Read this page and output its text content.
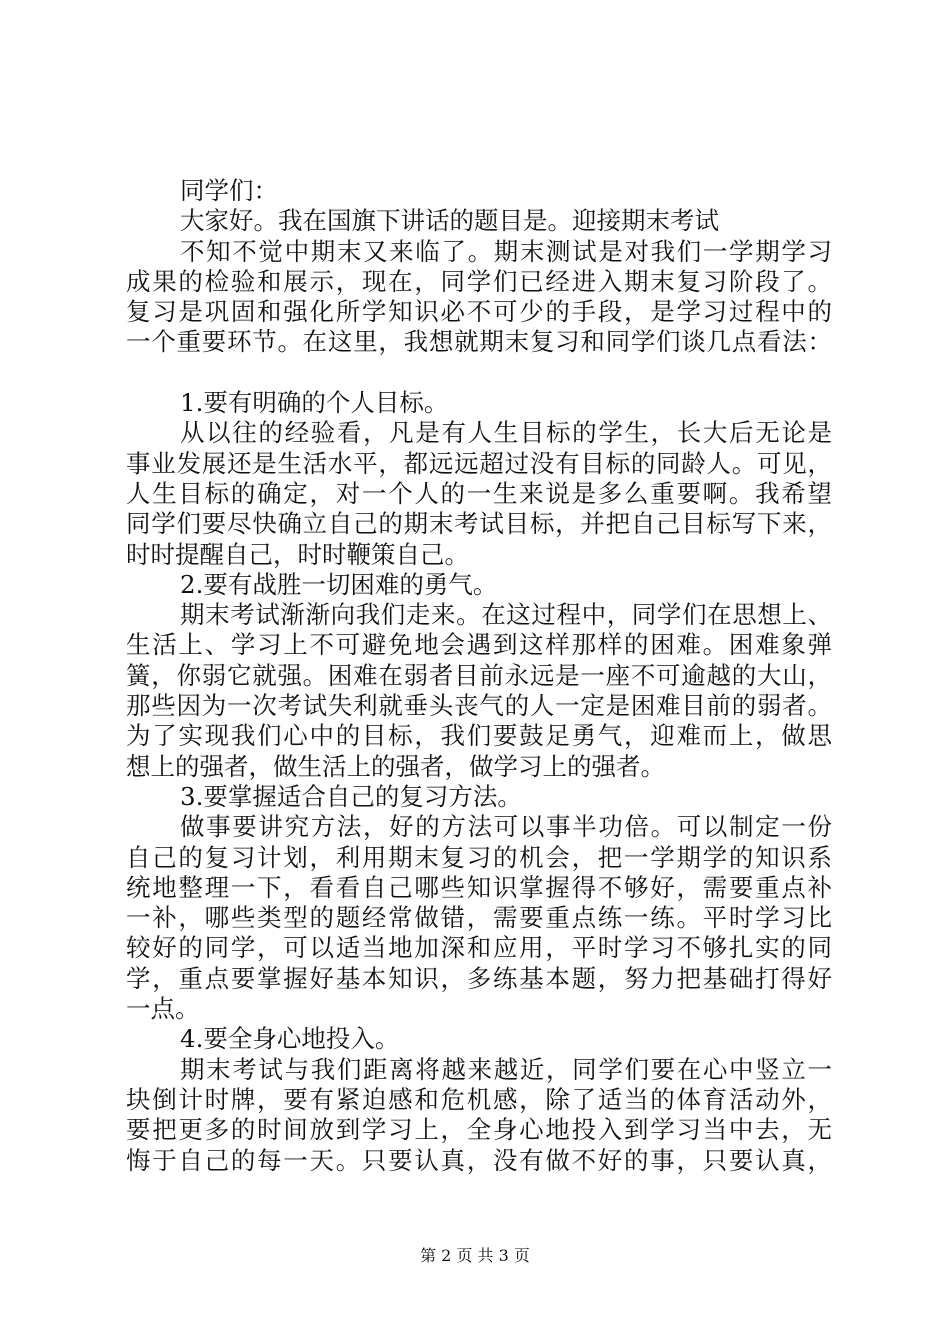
同学们：
大家好。我在国旗下讲话的题目是。迎接期末考试
不知不觉中期末又来临了。期末测试是对我们一学期学习
成果的检验和展示，现在，同学们已经进入期末复习阶段了。
复习是巩固和强化所学知识必不可少的手段，是学习过程中的
一个重要环节。在这里，我想就期末复习和同学们谈几点看法：
1.要有明确的个人目标。
从以往的经验看，凡是有人生目标的学生，长大后无论是
事业发展还是生活水平，都远远超过没有目标的同龄人。可见，
人生目标的确定，对一个人的一生来说是多么重要啊。我希望
同学们要尽快确立自己的期末考试目标，并把自己目标写下来，
时时提醒自己，时时鞭策自己。
2.要有战胜一切困难的勇气。
期末考试渐渐向我们走来。在这过程中，同学们在思想上、
生活上、学习上不可避免地会遇到这样那样的困难。困难象弹
簧，你弱它就强。困难在弱者目前永远是一座不可逾越的大山，
那些因为一次考试失利就垂头丧气的人一定是困难目前的弱者。
为了实现我们心中的目标，我们要鼓足勇气，迎难而上，做思
想上的强者，做生活上的强者，做学习上的强者。
3.要掌握适合自己的复习方法。
做事要讲究方法，好的方法可以事半功倍。可以制定一份
自己的复习计划，利用期末复习的机会，把一学期学的知识系
统地整理一下，看看自己哪些知识掌握得不够好，需要重点补
一补，哪些类型的题经常做错，需要重点练一练。平时学习比
较好的同学，可以适当地加深和应用，平时学习不够扎实的同
学，重点要掌握好基本知识，多练基本题，努力把基础打得好
一点。
4.要全身心地投入。
期末考试与我们距离将越来越近，同学们要在心中竖立一
块倒计时牌，要有紧迫感和危机感，除了适当的体育活动外，
要把更多的时间放到学习上，全身心地投入到学习当中去，无
悔于自己的每一天。只要认真，没有做不好的事，只要认真，
第 2 页 共 3 页
